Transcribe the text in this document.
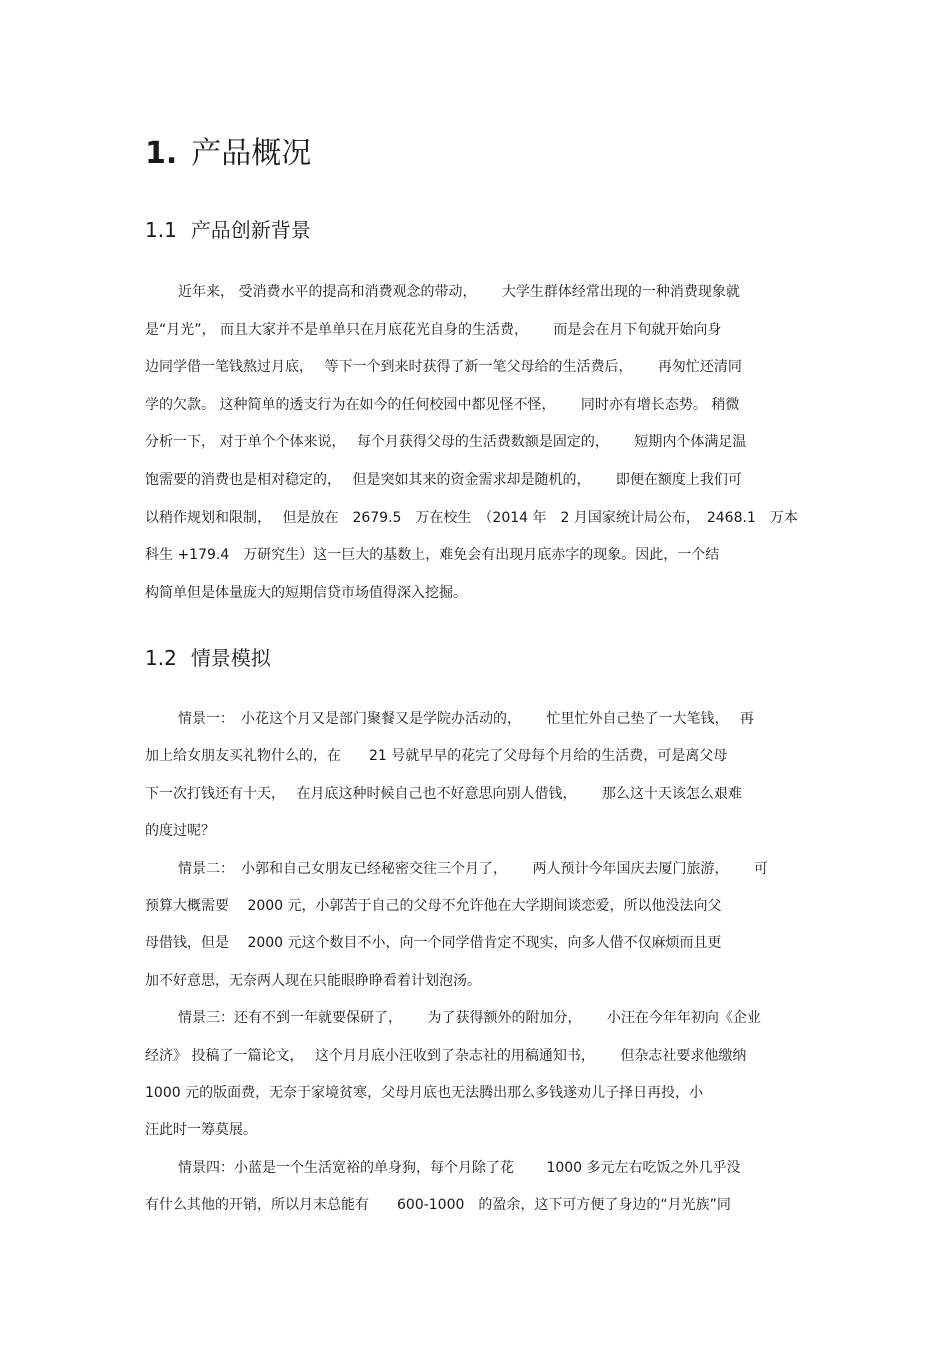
1. 产品概况
1.1 产品创新背景
近年来， 受消费水平的提高和消费观念的带动，　　 大学生群体经常出现的一种消费现象就
是“月光”， 而且大家并不是单单只在月底花光自身的生活费，　　 而是会在月下旬就开始向身
边同学借一笔钱熬过月底，　 等下一个到来时获得了新一笔父母给的生活费后，　　 再匆忙还清同
学的欠款。 这种简单的透支行为在如今的任何校园中都见怪不怪，　　 同时亦有增长态势。 稍微
分析一下， 对于单个个体来说，　 每个月获得父母的生活费数额是固定的，　　 短期内个体满足温
饱需要的消费也是相对稳定的，　 但是突如其来的资金需求却是随机的，　　 即便在额度上我们可
以稍作规划和限制，　 但是放在　2679.5　万在校生　（2014 年　2 月国家统计局公布，　2468.1　万本
科生 +179.4　万研究生）这一巨大的基数上，难免会有出现月底赤字的现象。因此，一个结
构简单但是体量庞大的短期信贷市场值得深入挖掘。
1.2 情景模拟
情景一：　小花这个月又是部门聚餐又是学院办活动的，　　 忙里忙外自己垫了一大笔钱，　 再
加上给女朋友买礼物什么的，在　　21 号就早早的花完了父母每个月给的生活费，可是离父母
下一次打钱还有十天，　 在月底这种时候自己也不好意思向别人借钱，　　 那么这十天该怎么艰难
的度过呢？
情景二：　小郭和自己女朋友已经秘密交往三个月了，　　 两人预计今年国庆去厦门旅游，　　 可
预算大概需要　 2000 元，小郭苦于自己的父母不允许他在大学期间谈恋爱，所以他没法向父
母借钱，但是　 2000 元这个数目不小，向一个同学借肯定不现实，向多人借不仅麻烦而且更
加不好意思，无奈两人现在只能眼睁睁看着计划泡汤。
情景三：还有不到一年就要保研了，　　 为了获得额外的附加分，　　 小汪在今年年初向《企业
经济》 投稿了一篇论文，　 这个月月底小汪收到了杂志社的用稿通知书，　　 但杂志社要求他缴纳
1000 元的版面费，无奈于家境贫寒，父母月底也无法腾出那么多钱遂劝儿子择日再投，小
汪此时一筹莫展。
情景四：小蓝是一个生活宽裕的单身狗，每个月除了花　　 1000 多元左右吃饭之外几乎没
有什么其他的开销，所以月末总能有　　600-1000　的盈余，这下可方便了身边的“月光族”同
